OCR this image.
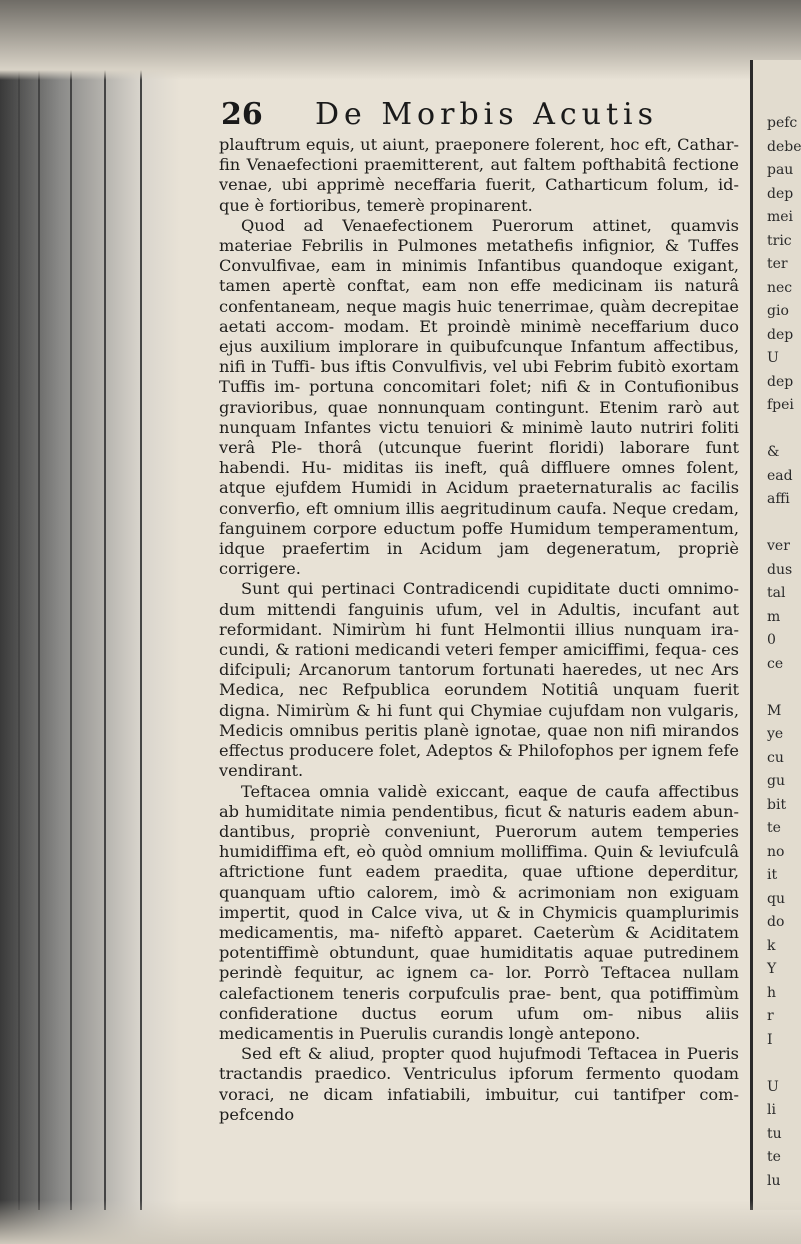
26 De Morbis Acutis

plauftrum equis, ut aiunt, praeponere folerent, hoc eft, Cathar- fin Venaefectioni praemitterent, aut faltem pofthabitâ fectione venae, ubi apprimè neceffaria fuerit, Catharticum folum, id- que è fortioribus, temerè propinarent.

Quod ad Venaefectionem Puerorum attinet, quamvis materiae Febrilis in Pulmones metathefis infignior, & Tuffes Convulfivae, eam in minimis Infantibus quandoque exigant, tamen apertè conftat, eam non effe medicinam iis naturâ confentaneam, neque magis huic tenerrimae, quàm decrepitae aetati accom- modam. Et proindè minimè neceffarium duco ejus auxilium implorare in quibufcunque Infantum affectibus, nifi in Tuffi- bus iftis Convulfivis, vel ubi Febrim fubitò exortam Tuffis im- portuna concomitari folet; nifi & in Contufionibus gravioribus, quae nonnunquam contingunt. Etenim rarò aut nunquam Infantes victu tenuiori & minimè lauto nutriri foliti verâ Ple- thorâ (utcunque fuerint floridi) laborare funt habendi. Hu- miditas iis ineft, quâ diffluere omnes folent, atque ejufdem Humidi in Acidum praeternaturalis ac facilis converfio, eft omnium illis aegritudinum caufa. Neque credam, fanguinem corpore eductum poffe Humidum temperamentum, idque praefertim in Acidum jam degeneratum, propriè corrigere.

Sunt qui pertinaci Contradicendi cupiditate ducti omnimo- dum mittendi fanguinis ufum, vel in Adultis, incufant aut reformidant. Nimirùm hi funt Helmontii illius nunquam ira- cundi, & rationi medicandi veteri femper amiciffimi, fequa- ces difcipuli; Arcanorum tantorum fortunati haeredes, ut nec Ars Medica, nec Refpublica eorundem Notitiâ unquam fuerit digna. Nimirùm & hi funt qui Chymiae cujufdam non vulgaris, Medicis omnibus peritis planè ignotae, quae non nifi mirandos effectus producere folet, Adeptos & Philofophos per ignem fefe vendirant.

Teftacea omnia validè exiccant, eaque de caufa affectibus ab humiditate nimia pendentibus, ficut & naturis eadem abun- dantibus, propriè conveniunt, Puerorum autem temperies humidiffima eft, eò quòd omnium molliffima. Quin & leviufculâ aftrictione funt eadem praedita, quae uftione deperditur, quanquam uftio calorem, imò & acrimoniam non exiguam impertit, quod in Calce viva, ut & in Chymicis quamplurimis medicamentis, ma- nifeftò apparet. Caeterùm & Aciditatem potentiffimè obtundunt, quae humiditatis aquae putredinem perindè fequitur, ac ignem ca- lor. Porrò Teftacea nullam calefactionem teneris corpufculis prae- bent, qua potiffimùm confideratione ductus eorum ufum om- nibus aliis medicamentis in Puerulis curandis longè antepono.

Sed eft & aliud, propter quod hujufmodi Teftacea in Pueris tractandis praedico. Ventriculus ipforum fermento quodam voraci, ne dicam infatiabili, imbuitur, cui tantifper com- pefcendo

pefc
debe
pau
dep
mei
tric
ter
nec
gio
dep
U
dep
fpei
&
ead
affi
ver
dus
tal
m
0
ce
M
ye
cu
gu
bit
te
no
it
qu
do
k
Y
h
r
I
U
li
tu
te
lu
